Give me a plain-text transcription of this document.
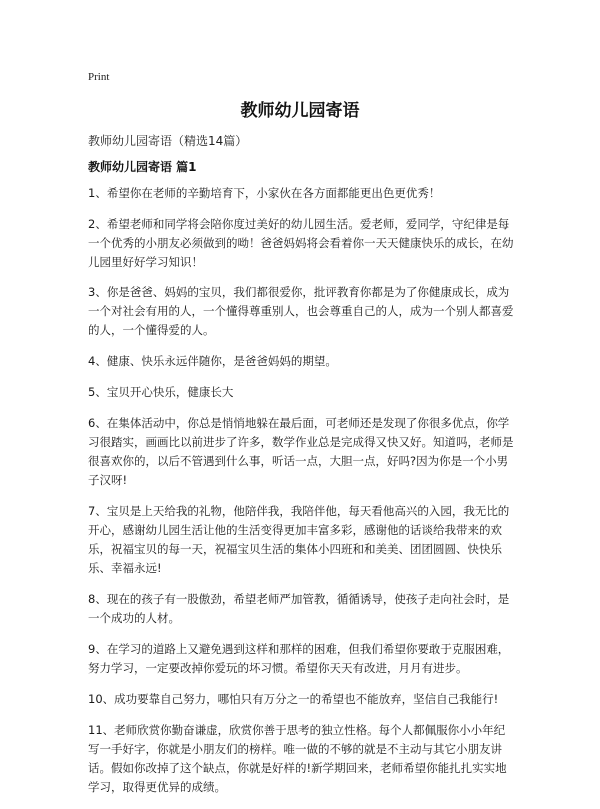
Print
教师幼儿园寄语
教师幼儿园寄语（精选14篇）
教师幼儿园寄语 篇1

1、希望你在老师的辛勤培育下，小家伙在各方面都能更出色更优秀！

2、希望老师和同学将会陪你度过美好的幼儿园生活。爱老师，爱同学，守纪律是每一个优秀的小朋友必须做到的呦！爸爸妈妈将会看着你一天天健康快乐的成长，在幼儿园里好好学习知识！

3、你是爸爸、妈妈的宝贝，我们都很爱你，批评教育你都是为了你健康成长，成为一个对社会有用的人，一个懂得尊重别人，也会尊重自己的人，成为一个别人都喜爱的人，一个懂得爱的人。

4、健康、快乐永远伴随你，是爸爸妈妈的期望。

5、宝贝开心快乐，健康长大

6、在集体活动中，你总是悄悄地躲在最后面，可老师还是发现了你很多优点，你学习很踏实，画画比以前进步了许多，数学作业总是完成得又快又好。知道吗，老师是很喜欢你的，以后不管遇到什么事，听话一点，大胆一点，好吗?因为你是一个小男子汉呀!

7、宝贝是上天给我的礼物，他陪伴我，我陪伴他，每天看他高兴的入园，我无比的开心，感谢幼儿园生活让他的生活变得更加丰富多彩，感谢他的话谈给我带来的欢乐，祝福宝贝的每一天，祝福宝贝生活的集体小四班和和美美、团团圆圆、快快乐乐、幸福永远!

8、现在的孩子有一股傲劲，希望老师严加管教，循循诱导，使孩子走向社会时，是一个成功的人材。

9、在学习的道路上又避免遇到这样和那样的困难，但我们希望你要敢于克服困难，努力学习，一定要改掉你爱玩的坏习惯。希望你天天有改进，月月有进步。

10、成功要靠自己努力，哪怕只有万分之一的希望也不能放弃，坚信自己我能行!

11、老师欣赏你勤奋谦虚，欣赏你善于思考的独立性格。每个人都佩服你小小年纪写一手好字，你就是小朋友们的榜样。唯一做的不够的就是不主动与其它小朋友讲话。假如你改掉了这个缺点，你就是好样的!新学期回来，老师希望你能扎扎实实地学习，取得更优异的成绩。
